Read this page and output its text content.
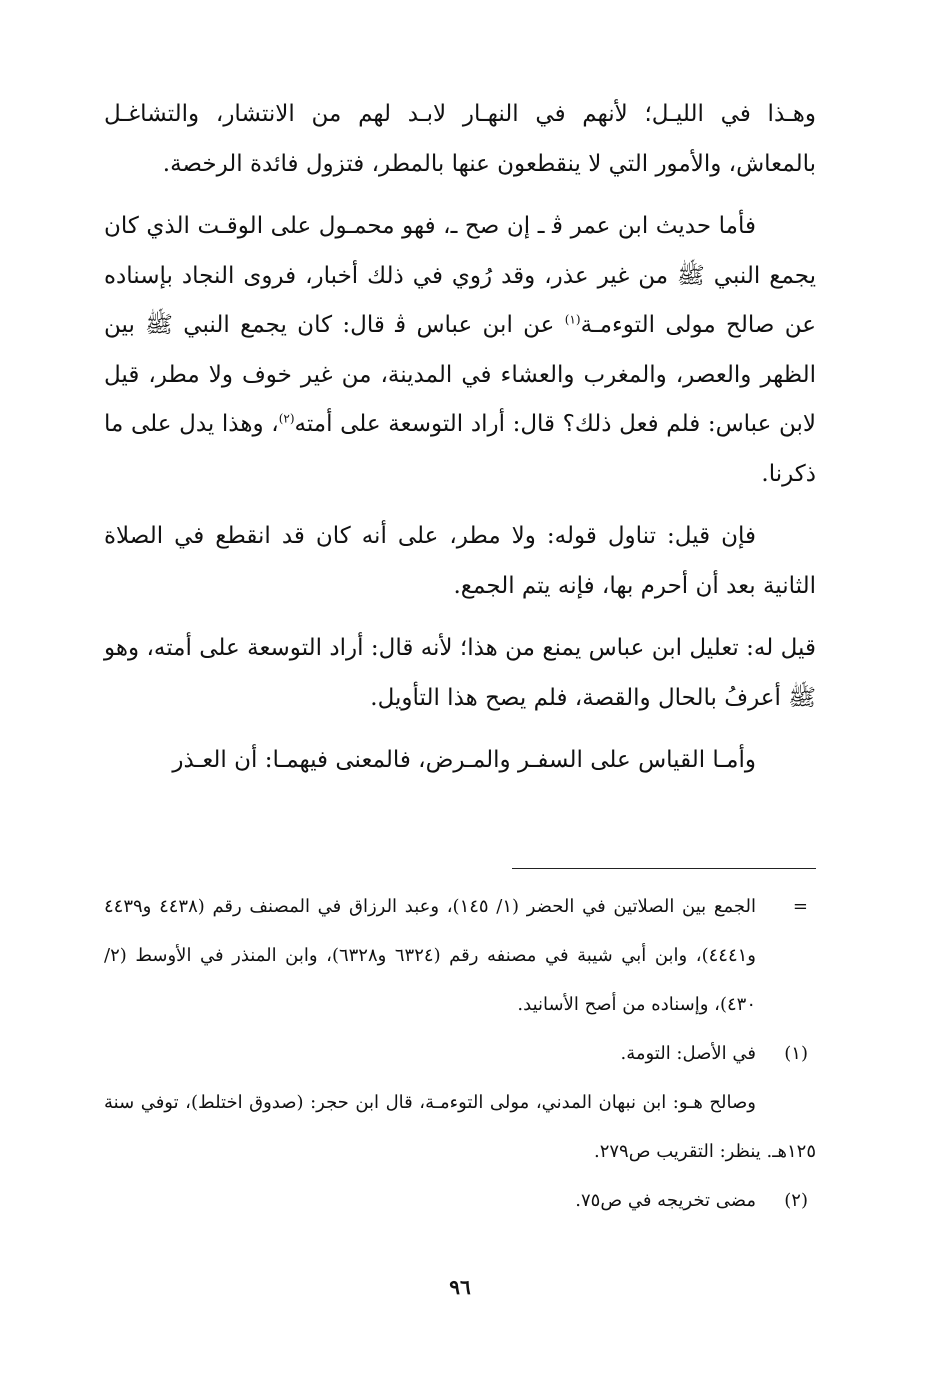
وهـذا في الليـل؛ لأنهم في النهـار لابـد لهم من الانتشار، والتشاغـل بالمعاش، والأمور التي لا ينقطعون عنها بالمطر، فتزول فائدة الرخصة.

فأما حديث ابن عمر ﭬ ـ إن صح ـ، فهو محمـول على الوقـت الذي كان يجمع النبي ﷺ من غير عذر، وقد رُوي في ذلك أخبار، فروى النجاد بإسناده عن صالح مولى التوءمـة$^{(١)}$ عن ابن عباس ﭬ قال: كان يجمع النبي ﷺ بين الظهر والعصر، والمغرب والعشاء في المدينة، من غير خوف ولا مطر، قيل لابن عباس: فلم فعل ذلك؟ قال: أراد التوسعة على أمته$^{(٢)}$، وهذا يدل على ما ذكرنا.

فإن قيل: تناول قوله: ولا مطر، على أنه كان قد انقطع في الصلاة الثانية بعد أن أحرم بها، فإنه يتم الجمع.

قيل له: تعليل ابن عباس يمنع من هذا؛ لأنه قال: أراد التوسعة على أمته، وهو ﷺ أعرفُ بالحال والقصة، فلم يصح هذا التأويل.

وأمـا القياس على السفـر والمـرض، فالمعنى فيهمـا: أن العـذر

=
الجمع بين الصلاتين في الحضر (١/ ١٤٥)، وعبد الرزاق في المصنف رقم (٤٤٣٨ و٤٤٣٩ و٤٤٤١)، وابن أبي شيبة في مصنفه رقم (٦٣٢٤ و٦٣٢٨)، وابن المنذر في الأوسط (٢/ ٤٣٠)، وإسناده من أصح الأسانيد.
(١)
في الأصل: التومة.

وصالح هـو: ابن نبهان المدني، مولى التوءمـة، قال ابن حجر: (صدوق اختلط)، توفي سنة ١٢٥هـ. ينظر: التقريب ص٢٧٩.

(٢)
مضى تخريجه في ص٧٥.
٩٦
